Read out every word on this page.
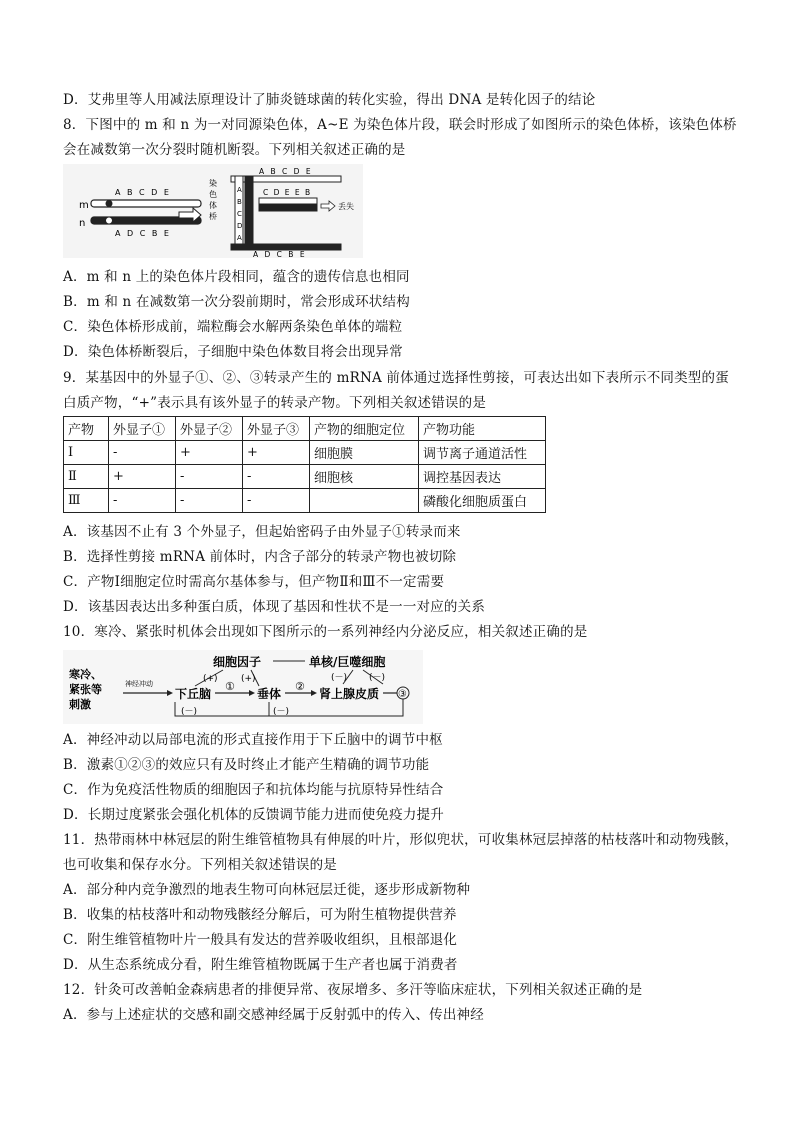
D．艾弗里等人用减法原理设计了肺炎链球菌的转化实验，得出 DNA 是转化因子的结论
8．下图中的 m 和 n 为一对同源染色体，A~E 为染色体片段，联会时形成了如图所示的染色体桥，该染色体桥
会在减数第一次分裂时随机断裂。下列相关叙述正确的是
m
A B C D E
n
A D C B E
染
色
体
桥
A B C D E
A
B
C
D
A
C D E E B
丢失
A D C B E
A．m 和 n 上的染色体片段相同，蕴含的遗传信息也相同
B．m 和 n 在减数第一次分裂前期时，常会形成环状结构
C．染色体桥形成前，端粒酶会水解两条染色单体的端粒
D．染色体桥断裂后，子细胞中染色体数目将会出现异常
9．某基因中的外显子①、②、③转录产生的 mRNA 前体通过选择性剪接，可表达出如下表所示不同类型的蛋
白质产物，“+”表示具有该外显子的转录产物。下列相关叙述错误的是
产物	外显子①	外显子②	外显子③	产物的细胞定位	产物功能
Ⅰ	-	+	+	细胞膜	调节离子通道活性
Ⅱ	+	-	-	细胞核	调控基因表达
Ⅲ	-	-	-		磷酸化细胞质蛋白
A．该基因不止有 3 个外显子，但起始密码子由外显子①转录而来
B．选择性剪接 mRNA 前体时，内含子部分的转录产物也被切除
C．产物Ⅰ细胞定位时需高尔基体参与，但产物Ⅱ和Ⅲ不一定需要
D．该基因表达出多种蛋白质，体现了基因和性状不是一一对应的关系
10．寒冷、紧张时机体会出现如下图所示的一系列神经内分泌反应，相关叙述正确的是
寒冷、
紧张等
刺激
神经冲动
下丘脑
细胞因子	单核/巨噬细胞
(+)	(+)
①
垂体
②
肾上腺皮质
(－) (－)
③
(－)	(－)
A．神经冲动以局部电流的形式直接作用于下丘脑中的调节中枢
B．激素①②③的效应只有及时终止才能产生精确的调节功能
C．作为免疫活性物质的细胞因子和抗体均能与抗原特异性结合
D．长期过度紧张会强化机体的反馈调节能力进而使免疫力提升
11．热带雨林中林冠层的附生维管植物具有伸展的叶片，形似兜状，可收集林冠层掉落的枯枝落叶和动物残骸，
也可收集和保存水分。下列相关叙述错误的是
A．部分种内竞争激烈的地表生物可向林冠层迁徙，逐步形成新物种
B．收集的枯枝落叶和动物残骸经分解后，可为附生植物提供营养
C．附生维管植物叶片一般具有发达的营养吸收组织，且根部退化
D．从生态系统成分看，附生维管植物既属于生产者也属于消费者
12．针灸可改善帕金森病患者的排便异常、夜尿增多、多汗等临床症状，下列相关叙述正确的是
A．参与上述症状的交感和副交感神经属于反射弧中的传入、传出神经
